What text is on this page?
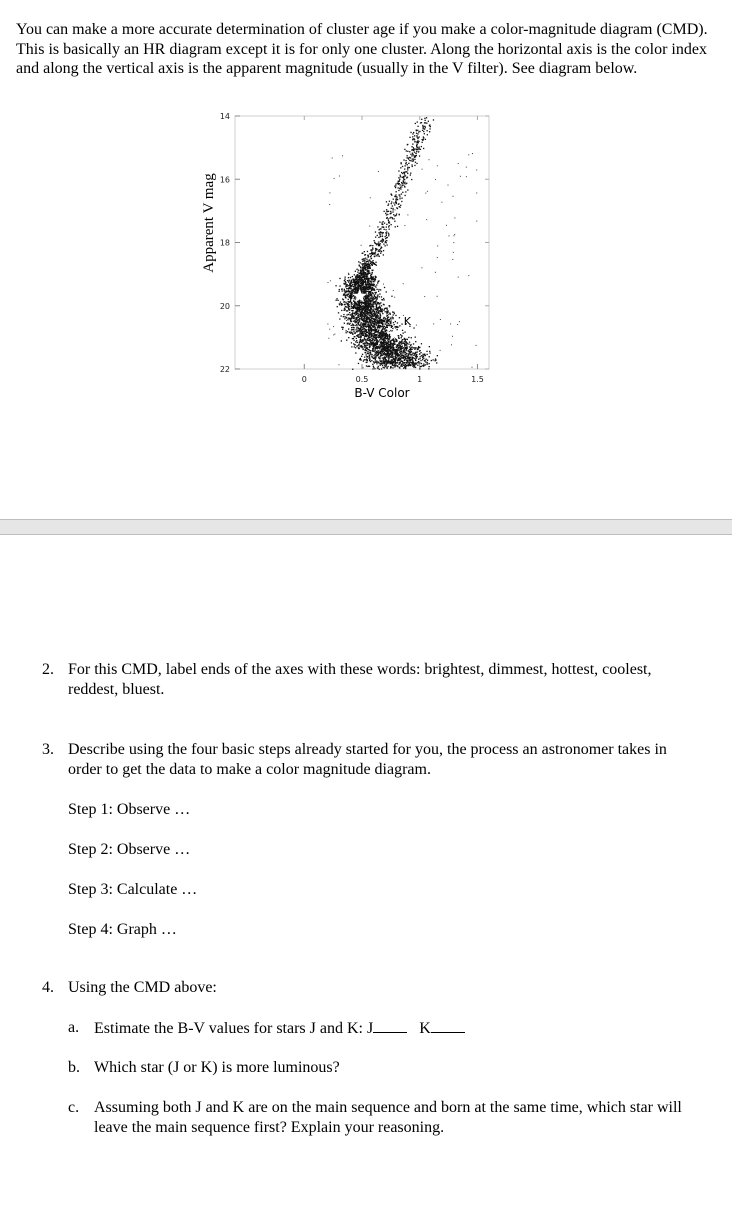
You can make a more accurate determination of cluster age if you make a color-magnitude diagram (CMD). This is basically an HR diagram except it is for only one cluster. Along the horizontal axis is the color index and along the vertical axis is the apparent magnitude (usually in the V filter). See diagram below.

0	0.5	1	1.5
14
16
18
20
22
J
K
Apparent V mag
B-V Color
2. For this CMD, label ends of the axes with these words: brightest, dimmest, hottest, coolest, reddest, bluest.
3. Describe using the four basic steps already started for you, the process an astronomer takes in order to get the data to make a color magnitude diagram.
Step 1: Observe …
Step 2: Observe …
Step 3: Calculate …
Step 4: Graph …
4. Using the CMD above:
a. Estimate the B-V values for stars J and K: J	K
b. Which star (J or K) is more luminous?
c. Assuming both J and K are on the main sequence and born at the same time, which star will leave the main sequence first? Explain your reasoning.
